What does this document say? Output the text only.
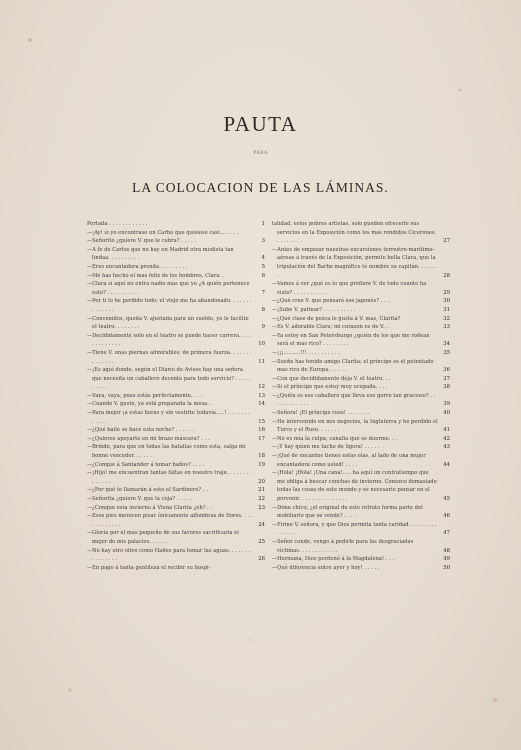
PAUTA
PARA
LA COLOCACION DE LAS LÁMINAS.
Portada . . . . . . . . . . . .	1
—¡Ay! si yo encontrase un Carbo que quisiese casi..... . . .
—Señorito ¿quiere V. que le cubra? . . . . .	3
—A fe de Carlos que no hay en Madrid otra modista tan lindaa. . . . . . . . . .	4
—Eres encantadora prenda. . . . . . . . .	5
—Me has hecho el mas feliz de los hombres, Clara. .	6
—Clara si aquí no entra nadie mas que yo ¿A quién pertenece esto? . . . . . . . . . .	7
—Por ti lo he perdido todo; el viejo me ha abandonado. . . . . . . . . . . . . .	8
—Convenidos, queda V. ajustada para un sueldo, yo le facilito el teatro. . . . . . . .	9
—Decididamente solo en el teatro se puede hacer carrera. . . . . . . . . . . . .	10
—Tiene V. unas piernas admirables; de primera fuerza. . . . . . . . . . . . . .	11
—¡Es aquí donde, según el Diario de Avisos hay una señora que necesita un caballero decente para todo servicio? . . . . . . . . . .	12
—Vaya, vaya, pues estás perfectamente. . . .	13
—Cuando V. guste, ya está preparada la mesa. .	14
—Para mejor ¡a estas horas y sin vestirte todavía.....! . . . . . . . . . . . .	15
—¿Qué baile se hace esta noche? . . . . . .	16
—¿Quieres apoyarte en mi brazo máscara? . . .	17
—Brinde, para que en todas las batallas como esta, salga mi bonne vencedor. . . . . .	18
—¿Conque á Santander á tomar baños? . . . .	19
—¡Hijo! me encuentran tantas faltas en nuestro traje. . . . . . . . . . . . . .	20
—¿Por qué te llamarán á esto el Sardinero? . .	21
—Señorita ¿quiere V. que la coja? . . . . .	22
—¿Conque esta invierno á Viena Clarita ¿eh? . .	23
—Esos pies merecen pisar únicamente alfombras de flores. . . . . . . . . . . . .	24
—Gloria por el mas pequeño de sus favores sacrificaria el mejor de mis palacios. . . . . .	25
—No hay otro olivo como Hades para tomar las aguas. . . . . . . . . . . . . . .	26
—En pago á tanta gentileza el recibir su hospi-
talidad, estos pobres artistas, solo pueden ofrecerle sus servicios en la Exposición como los mas rendidos Cicerones. . . . . . . . .	27
—Antes de empezar nuestras excursiones terrestre-marítimo-aéreas á través de la Exposición, permite bella Clara, que la tripulación del Barbo magnífico te nombre su capitán. . . . . . .	28
—Vamos á ver ¿qué es lo que prefiere V. de todo cuanto ha visto? . . . . . . . . . .	29
—¿Qué cree V. que pensará ese japonés? . . .	30
—¡Sube V. patinar? . . . . . . . . . .	31
—¿Qué clase de pesca le gusta á V. mas, Clarita?	32
—Es V. adorable Clara; mi corazon es de V.. .	33
—Ya estoy en San Petersburgo ¿quién de los que me rodean será el mas rico? . . . . . . . .	34
—¡¡¡..........!!! . . . . . . . . . .	35
—Sueñe has tenido amigo Clarita; el príncipe es el potentado mas rico de Europa. . . . . .	36
—Con que decididamente deja V. el teatro. . .	37
—Si el príncipe que estoy muy ocupada. . . .	38
—¿Quién es ese caballero que lleva ese gorro tan gracioso? . . . . . . . . . . . .	39
—Señora! ¡El príncipe ruso! . . . . . . .	40
—He intervenido en mis negocios, la Inglaterra y he perdido el Turco y el Ruso. . . . . . .	41
—No es mía la culpa; canalla que se duerme. . .	42
—¡Y hay quien me tache de ligera! . . . . .	43
—¡Qué de encantos tienes estas olas, al lado de una mujer encantadora como usted! . . . .	44
—¡Hola! ¡Hola! ¡Una cana!..... ha aquí un contratiempo que me obliga á buscar conchas de invierno. Conozco demasiado todas las cosas de este mundo y es necesario pensar en el porvenir. . . . . . . . . . . . . . .	45
—Dime chico; ¿el original de este retrato forma parte del mobiliario que se vende? . . . .	46
—Firme V. señora, y que Dios permita tanta caridad. . . . . . . . . . . . . . .	47
—Señor conde, vengo á pedirle para las desgraciadas víctimas. . . . . . . . . . . .	48
—Hermana, Dios perdonó á la Magdalena! . . .	49
—Qué diferencia entre ayer y hoy! . . . . .	50
